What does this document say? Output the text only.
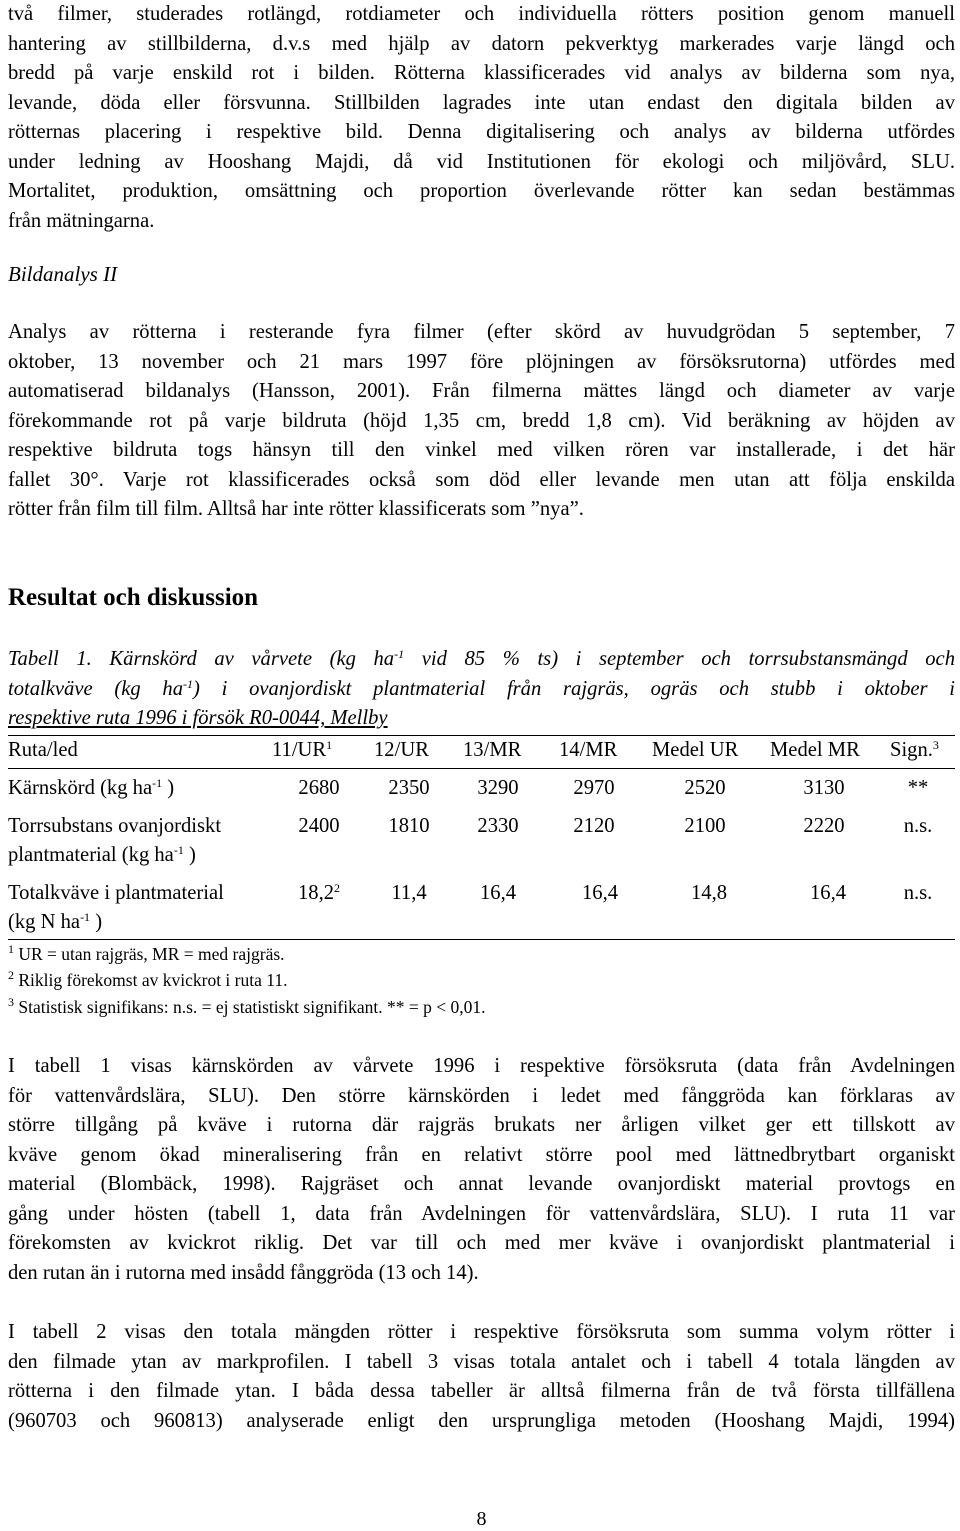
två filmer, studerades rotlängd, rotdiameter och individuella rötters position genom manuell
hantering av stillbilderna, d.v.s med hjälp av datorn pekverktyg markerades varje längd och
bredd på varje enskild rot i bilden. Rötterna klassificerades vid analys av bilderna som nya,
levande, döda eller försvunna. Stillbilden lagrades inte utan endast den digitala bilden av
rötternas placering i respektive bild. Denna digitalisering och analys av bilderna utfördes
under ledning av Hooshang Majdi, då vid Institutionen för ekologi och miljövård, SLU.
Mortalitet, produktion, omsättning och proportion överlevande rötter kan sedan bestämmas
från mätningarna.
Bildanalys II
Analys av rötterna i resterande fyra filmer (efter skörd av huvudgrödan 5 september, 7
oktober, 13 november och 21 mars 1997 före plöjningen av försöksrutorna) utfördes med
automatiserad bildanalys (Hansson, 2001). Från filmerna mättes längd och diameter av varje
förekommande rot på varje bildruta (höjd 1,35 cm, bredd 1,8 cm). Vid beräkning av höjden av
respektive bildruta togs hänsyn till den vinkel med vilken rören var installerade, i det här
fallet 30°. Varje rot klassificerades också som död eller levande men utan att följa enskilda
rötter från film till film. Alltså har inte rötter klassificerats som ”nya”.
Resultat och diskussion
Tabell 1. Kärnskörd av vårvete (kg $ha^{-1}$ vid 85 % ts) i september och torrsubstansmängd och
totalkväve (kg $ha^{-1}$) i ovanjordiskt plantmaterial från rajgräs, ogräs och stubb i oktober i
respektive ruta 1996 i försök R0-0044, Mellby
Ruta/led	$11/UR^1$ 12/UR 13/MR 14/MR Medel UR Medel MR Sign.$^3$
Kärnskörd (kg $ha^{-1}$ )	2680	2350	3290	2970	2520	3130	**
Torrsubstans ovanjordiskt
plantmaterial (kg $ha^{-1}$ )
2400	1810	2330	2120	2100	2220	n.s.
Totalkväve i plantmaterial
(kg N $ha^{-1}$ )
18,2$^2$	11,4	16,4	16,4	14,8	16,4	n.s.
$^1$ UR = utan rajgräs, MR = med rajgräs.
$^2$ Riklig förekomst av kvickrot i ruta 11.
$^3$ Statistisk signifikans: n.s. = ej statistiskt signifikant. ** = p < 0,01.
I tabell 1 visas kärnskörden av vårvete 1996 i respektive försöksruta (data från Avdelningen
för vattenvårdslära, SLU). Den större kärnskörden i ledet med fånggröda kan förklaras av
större tillgång på kväve i rutorna där rajgräs brukats ner årligen vilket ger ett tillskott av
kväve genom ökad mineralisering från en relativt större pool med lättnedbrytbart organiskt
material (Blombäck, 1998). Rajgräset och annat levande ovanjordiskt material provtogs en
gång under hösten (tabell 1, data från Avdelningen för vattenvårdslära, SLU). I ruta 11 var
förekomsten av kvickrot riklig. Det var till och med mer kväve i ovanjordiskt plantmaterial i
den rutan än i rutorna med insådd fånggröda (13 och 14).
I tabell 2 visas den totala mängden rötter i respektive försöksruta som summa volym rötter i
den filmade ytan av markprofilen. I tabell 3 visas totala antalet och i tabell 4 totala längden av
rötterna i den filmade ytan. I båda dessa tabeller är alltså filmerna från de två första tillfällena
(960703 och 960813) analyserade enligt den ursprungliga metoden (Hooshang Majdi, 1994)
8
